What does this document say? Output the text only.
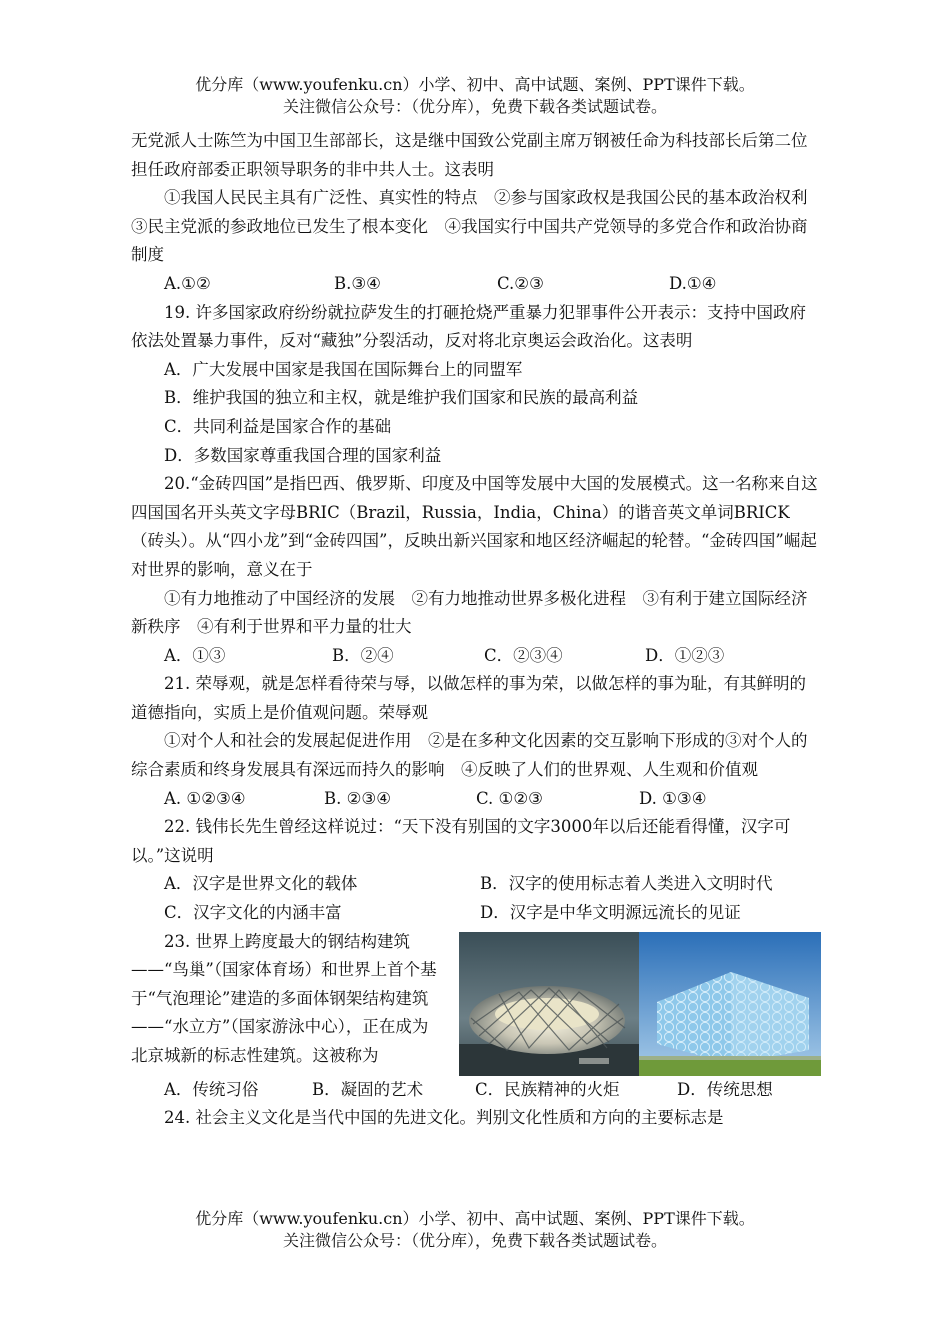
优分库（www.youfenku.cn）小学、初中、高中试题、案例、PPT课件下载。
关注微信公众号：（优分库），免费下载各类试题试卷。

无党派人士陈竺为中国卫生部部长，这是继中国致公党副主席万钢被任命为科技部长后第二位担任政府部委正职领导职务的非中共人士。这表明

①我国人民民主具有广泛性、真实性的特点　②参与国家政权是我国公民的基本政治权利　③民主党派的参政地位已发生了根本变化　④我国实行中国共产党领导的多党合作和政治协商制度

A.①②	B.③④	C.②③	D.①④

19. 许多国家政府纷纷就拉萨发生的打砸抢烧严重暴力犯罪事件公开表示：支持中国政府依法处置暴力事件，反对“藏独”分裂活动，反对将北京奥运会政治化。这表明

A．广大发展中国家是我国在国际舞台上的同盟军

B．维护我国的独立和主权，就是维护我们国家和民族的最高利益

C．共同利益是国家合作的基础

D．多数国家尊重我国合理的国家利益

20.“金砖四国”是指巴西、俄罗斯、印度及中国等发展中大国的发展模式。这一名称来自这四国国名开头英文字母BRIC（Brazil，Russia，India，China）的谐音英文单词BRICK（砖头）。从“四小龙”到“金砖四国”，反映出新兴国家和地区经济崛起的轮替。“金砖四国”崛起对世界的影响，意义在于

①有力地推动了中国经济的发展　②有力地推动世界多极化进程　③有利于建立国际经济新秩序　④有利于世界和平力量的壮大

A．①③	B．②④	C．②③④	D．①②③

21. 荣辱观，就是怎样看待荣与辱，以做怎样的事为荣，以做怎样的事为耻，有其鲜明的道德指向，实质上是价值观问题。荣辱观

①对个人和社会的发展起促进作用　②是在多种文化因素的交互影响下形成的③对个人的综合素质和终身发展具有深远而持久的影响　④反映了人们的世界观、人生观和价值观

A. ①②③④	B. ②③④	C. ①②③	D. ①③④

22. 钱伟长先生曾经这样说过：“天下没有别国的文字3000年以后还能看得懂，汉字可以。”这说明

A．汉字是世界文化的载体	B．汉字的使用标志着人类进入文明时代
C．汉字文化的内涵丰富	D．汉字是中华文明源远流长的见证

23. 世界上跨度最大的钢结构建筑——“鸟巢”（国家体育场）和世界上首个基于“气泡理论”建造的多面体钢架结构建筑——“水立方”（国家游泳中心），正在成为北京城新的标志性建筑。这被称为

A．传统习俗	B．凝固的艺术	C．民族精神的火炬	D．传统思想

24. 社会主义文化是当代中国的先进文化。判别文化性质和方向的主要标志是

优分库（www.youfenku.cn）小学、初中、高中试题、案例、PPT课件下载。
关注微信公众号：（优分库），免费下载各类试题试卷。
